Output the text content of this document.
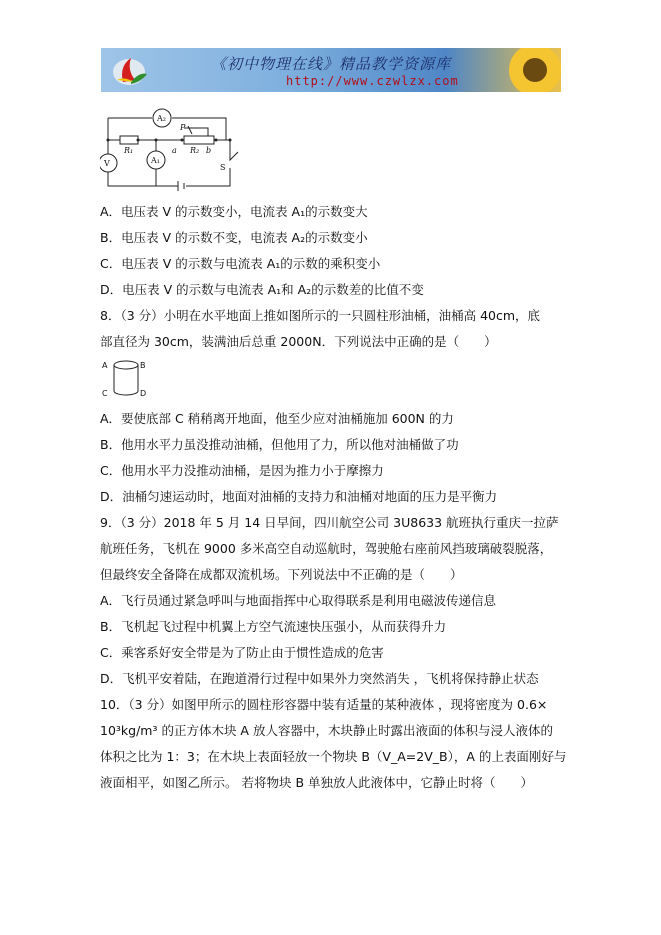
《初中物理在线》精品教学资源库
http://www.czwlzx.com
A₂
V	A₁
R₁	R₂
P
a	b
S
A．电压表 V 的示数变小，电流表 A₁的示数变大
B．电压表 V 的示数不变，电流表 A₂的示数变小
C．电压表 V 的示数与电流表 A₁的示数的乘积变小
D．电压表 V 的示数与电流表 A₁和 A₂的示数差的比值不变
8．（3 分）小明在水平地面上推如图所示的一只圆柱形油桶，油桶高 40cm，底
部直径为 30cm，装满油后总重 2000N．下列说法中正确的是（　　）
A	B
C	D
A．要使底部 C 稍稍离开地面，他至少应对油桶施加 600N 的力
B．他用水平力虽没推动油桶，但他用了力，所以他对油桶做了功
C．他用水平力没推动油桶，是因为推力小于摩擦力
D．油桶匀速运动时，地面对油桶的支持力和油桶对地面的压力是平衡力
9．（3 分）2018 年 5 月 14 日早间，四川航空公司 3U8633 航班执行重庆一拉萨
航班任务，飞机在 9000 多米高空自动巡航时，驾驶舱右座前风挡玻璃破裂脱落，
但最终安全备降在成都双流机场。下列说法中不正确的是（　　）
A．飞行员通过紧急呼叫与地面指挥中心取得联系是利用电磁波传递信息
B．飞机起飞过程中机翼上方空气流速快压强小，从而获得升力
C．乘客系好安全带是为了防止由于惯性造成的危害
D．飞机平安着陆，在跑道滑行过程中如果外力突然消失 ，飞机将保持静止状态
10．（3 分）如图甲所示的圆柱形容器中装有适量的某种液体 ，现将密度为 0.6×
10³kg/m³ 的正方体木块 A 放人容器中，木块静止时露出液面的体积与浸人液体的
体积之比为 1：3；在木块上表面轻放一个物块 B（V_A=2V_B），A 的上表面刚好与
液面相平，如图乙所示。 若将物块 B 单独放人此液体中，它静止时将（　　）
